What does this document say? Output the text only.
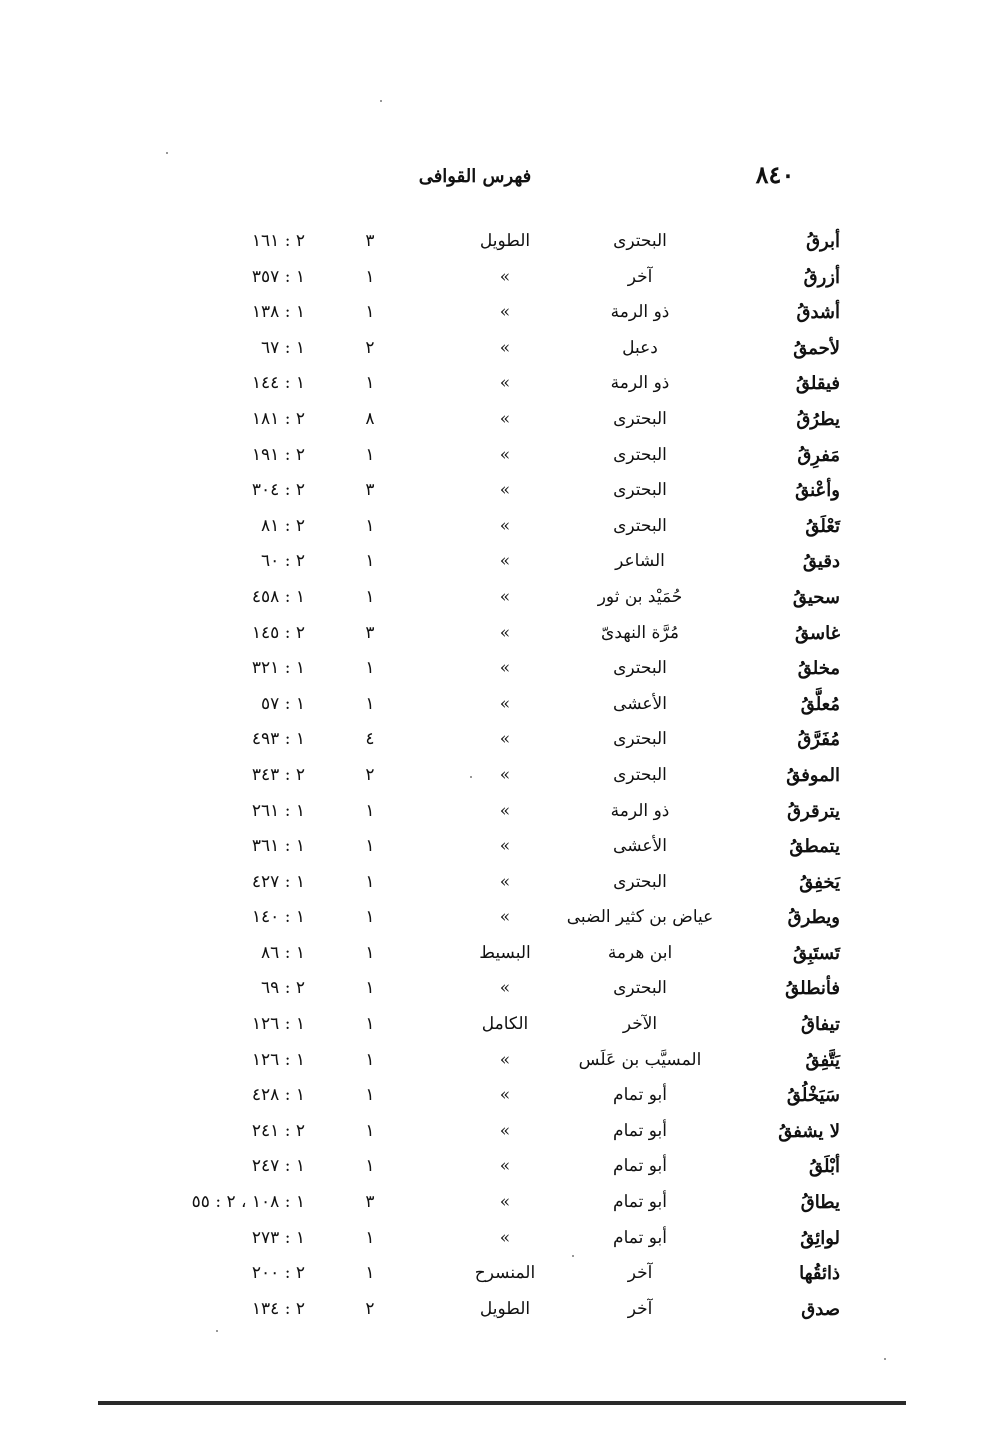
٨٤٠
فهرس القوافى
أبرقُ
البحترى
الطويل
٣
٢ : ١٦١
أزرقُ
آخر
»
١
١ : ٣٥٧
أشدقُ
ذو الرمة
»
١
١ : ١٣٨
لأحمقُ
دعبل
»
٢
١ : ٦٧
فيقلقُ
ذو الرمة
»
١
١ : ١٤٤
يطرُقُ
البحترى
»
٨
٢ : ١٨١
مَفرِقُ
البحترى
»
١
٢ : ١٩١
وأعْنقُ
البحترى
»
٣
٢ : ٣٠٤
تَعْلَقُ
البحترى
»
١
٢ : ٨١
دقيقُ
الشاعر
»
١
٢ : ٦٠
سحيقُ
حُمَيْد بن ثور
»
١
١ : ٤٥٨
غاسقُ
مُرَّة النهدىّ
»
٣
٢ : ١٤٥
مخلقُ
البحترى
»
١
١ : ٣٢١
مُعلَّقُ
الأعشى
»
١
١ : ٥٧
مُفَرَّقُ
البحترى
»
٤
١ : ٤٩٣
الموفقُ
البحترى
»
٢
٢ : ٣٤٣
يترقرقُ
ذو الرمة
»
١
١ : ٢٦١
يتمطقُ
الأعشى
»
١
١ : ٣٦١
يَخفِقُ
البحترى
»
١
١ : ٤٢٧
ويطرقُ
عياض بن كثير الضبى
»
١
١ : ١٤٠
تَستَبِقُ
ابن هرمة
البسيط
١
١ : ٨٦
فأنطلقُ
البحترى
»
١
٢ : ٦٩
تيفاقُ
الآخر
الكامل
١
١ : ١٢٦
يَتَّفِقُ
المسيَّب بن عَلَس
»
١
١ : ١٢٦
سَيَخْلُقُ
أبو تمام
»
١
١ : ٤٢٨
لا يشفقُ
أبو تمام
»
١
٢ : ٢٤١
أبْلَقُ
أبو تمام
»
١
١ : ٢٤٧
يطاقُ
أبو تمام
»
٣
١ : ١٠٨ ، ٢ : ٥٥
لوائِقُ
أبو تمام
»
١
١ : ٢٧٣
ذائقُها
آخر
المنسرح
١
٢ : ٢٠٠
صدق
آخر
الطويل
٢
٢ : ١٣٤
